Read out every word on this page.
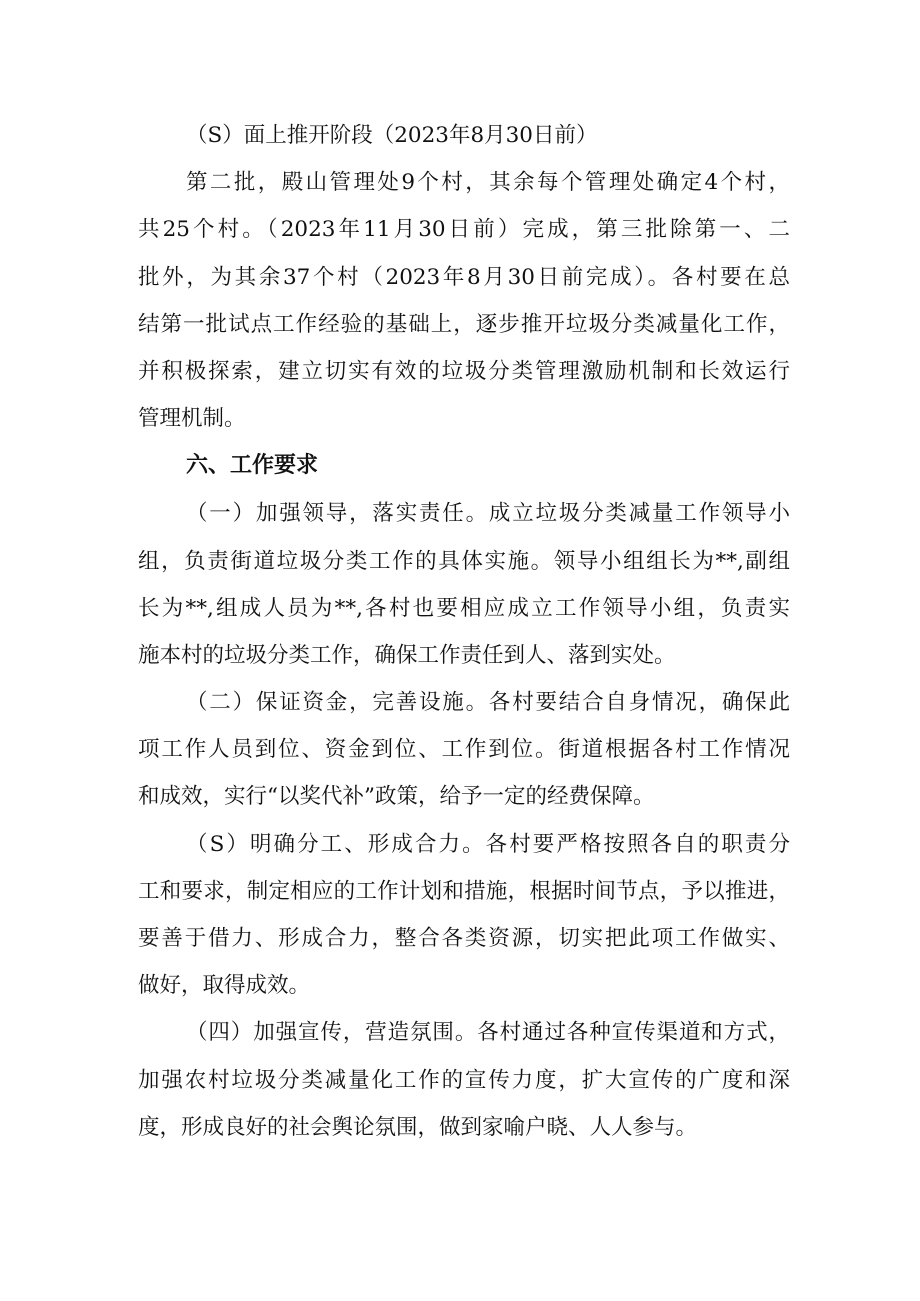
（S）面上推开阶段（2023年8月30日前）
第二批，殿山管理处9个村，其余每个管理处确定4个村，
共25个村。（2023年11月30日前）完成，第三批除第一、二
批外，为其余37个村（2023年8月30日前完成）。各村要在总
结第一批试点工作经验的基础上，逐步推开垃圾分类减量化工作，
并积极探索，建立切实有效的垃圾分类管理激励机制和长效运行
管理机制。
六、工作要求
（一）加强领导，落实责任。成立垃圾分类减量工作领导小
组，负责街道垃圾分类工作的具体实施。领导小组组长为**,副组
长为**,组成人员为**,各村也要相应成立工作领导小组，负责实
施本村的垃圾分类工作，确保工作责任到人、落到实处。
（二）保证资金，完善设施。各村要结合自身情况，确保此
项工作人员到位、资金到位、工作到位。街道根据各村工作情况
和成效，实行“以奖代补”政策，给予一定的经费保障。
（S）明确分工、形成合力。各村要严格按照各自的职责分
工和要求，制定相应的工作计划和措施，根据时间节点，予以推进，
要善于借力、形成合力，整合各类资源，切实把此项工作做实、
做好，取得成效。
（四）加强宣传，营造氛围。各村通过各种宣传渠道和方式，
加强农村垃圾分类减量化工作的宣传力度，扩大宣传的广度和深
度，形成良好的社会舆论氛围，做到家喻户晓、人人参与。
